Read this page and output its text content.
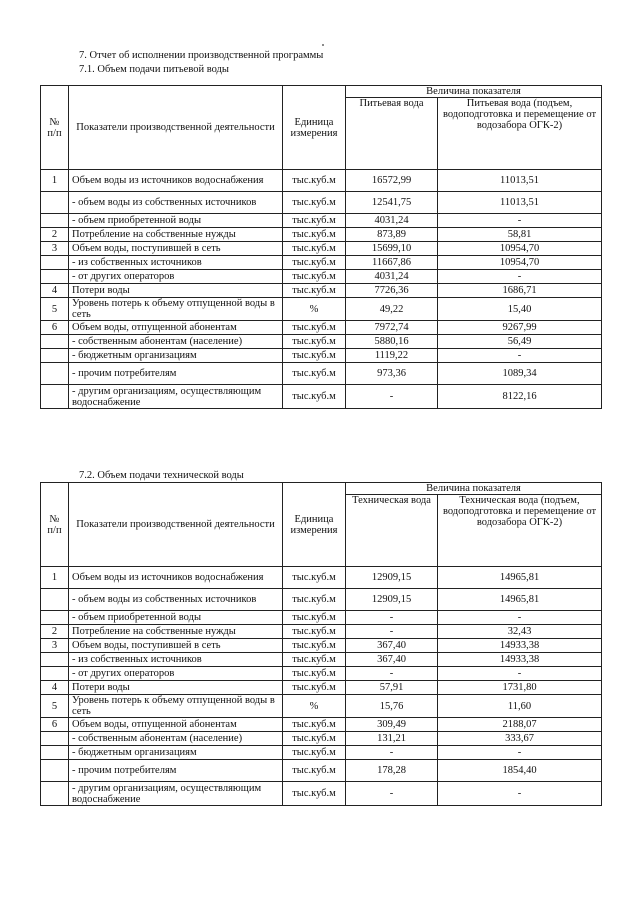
7. Отчет об исполнении производственной программы
7.1. Объем подачи питьевой воды
№ п/п	Показатели производственной деятельности	Единица измерения	Величина показателя	
			Питьевая вода	Питьевая вода (подъем, водоподготовка и перемещение от водозабора ОГК-2)
1	Объем воды из источников водоснабжения	тыс.куб.м	16572,99	11013,51
	- объем воды из собственных источников	тыс.куб.м	12541,75	11013,51
	- объем приобретенной воды	тыс.куб.м	4031,24	-
2	Потребление на собственные нужды	тыс.куб.м	873,89	58,81
3	Объем воды, поступившей в сеть	тыс.куб.м	15699,10	10954,70
	- из собственных источников	тыс.куб.м	11667,86	10954,70
	- от других операторов	тыс.куб.м	4031,24	-
4	Потери воды	тыс.куб.м	7726,36	1686,71
5	Уровень потерь к объему отпущенной воды в сеть	%	49,22	15,40
6	Объем воды, отпущенной абонентам	тыс.куб.м	7972,74	9267,99
	- собственным абонентам (население)	тыс.куб.м	5880,16	56,49
	- бюджетным организациям	тыс.куб.м	1119,22	-
	- прочим потребителям	тыс.куб.м	973,36	1089,34
	- другим организациям, осуществляющим водоснабжение	тыс.куб.м	-	8122,16
7.2. Объем подачи технической воды
№ п/п	Показатели производственной деятельности	Единица измерения	Величина показателя	
			Техническая вода	Техническая вода (подъем, водоподготовка и перемещение от водозабора ОГК-2)
1	Объем воды из источников водоснабжения	тыс.куб.м	12909,15	14965,81
	- объем воды из собственных источников	тыс.куб.м	12909,15	14965,81
	- объем приобретенной воды	тыс.куб.м	-	-
2	Потребление на собственные нужды	тыс.куб.м	-	32,43
3	Объем воды, поступившей в сеть	тыс.куб.м	367,40	14933,38
	- из собственных источников	тыс.куб.м	367,40	14933,38
	- от других операторов	тыс.куб.м	-	-
4	Потери воды	тыс.куб.м	57,91	1731,80
5	Уровень потерь к объему отпущенной воды в сеть	%	15,76	11,60
6	Объем воды, отпущенной абонентам	тыс.куб.м	309,49	2188,07
	- собственным абонентам (население)	тыс.куб.м	131,21	333,67
	- бюджетным организациям	тыс.куб.м	-	-
	- прочим потребителям	тыс.куб.м	178,28	1854,40
	- другим организациям, осуществляющим водоснабжение	тыс.куб.м	-	-
